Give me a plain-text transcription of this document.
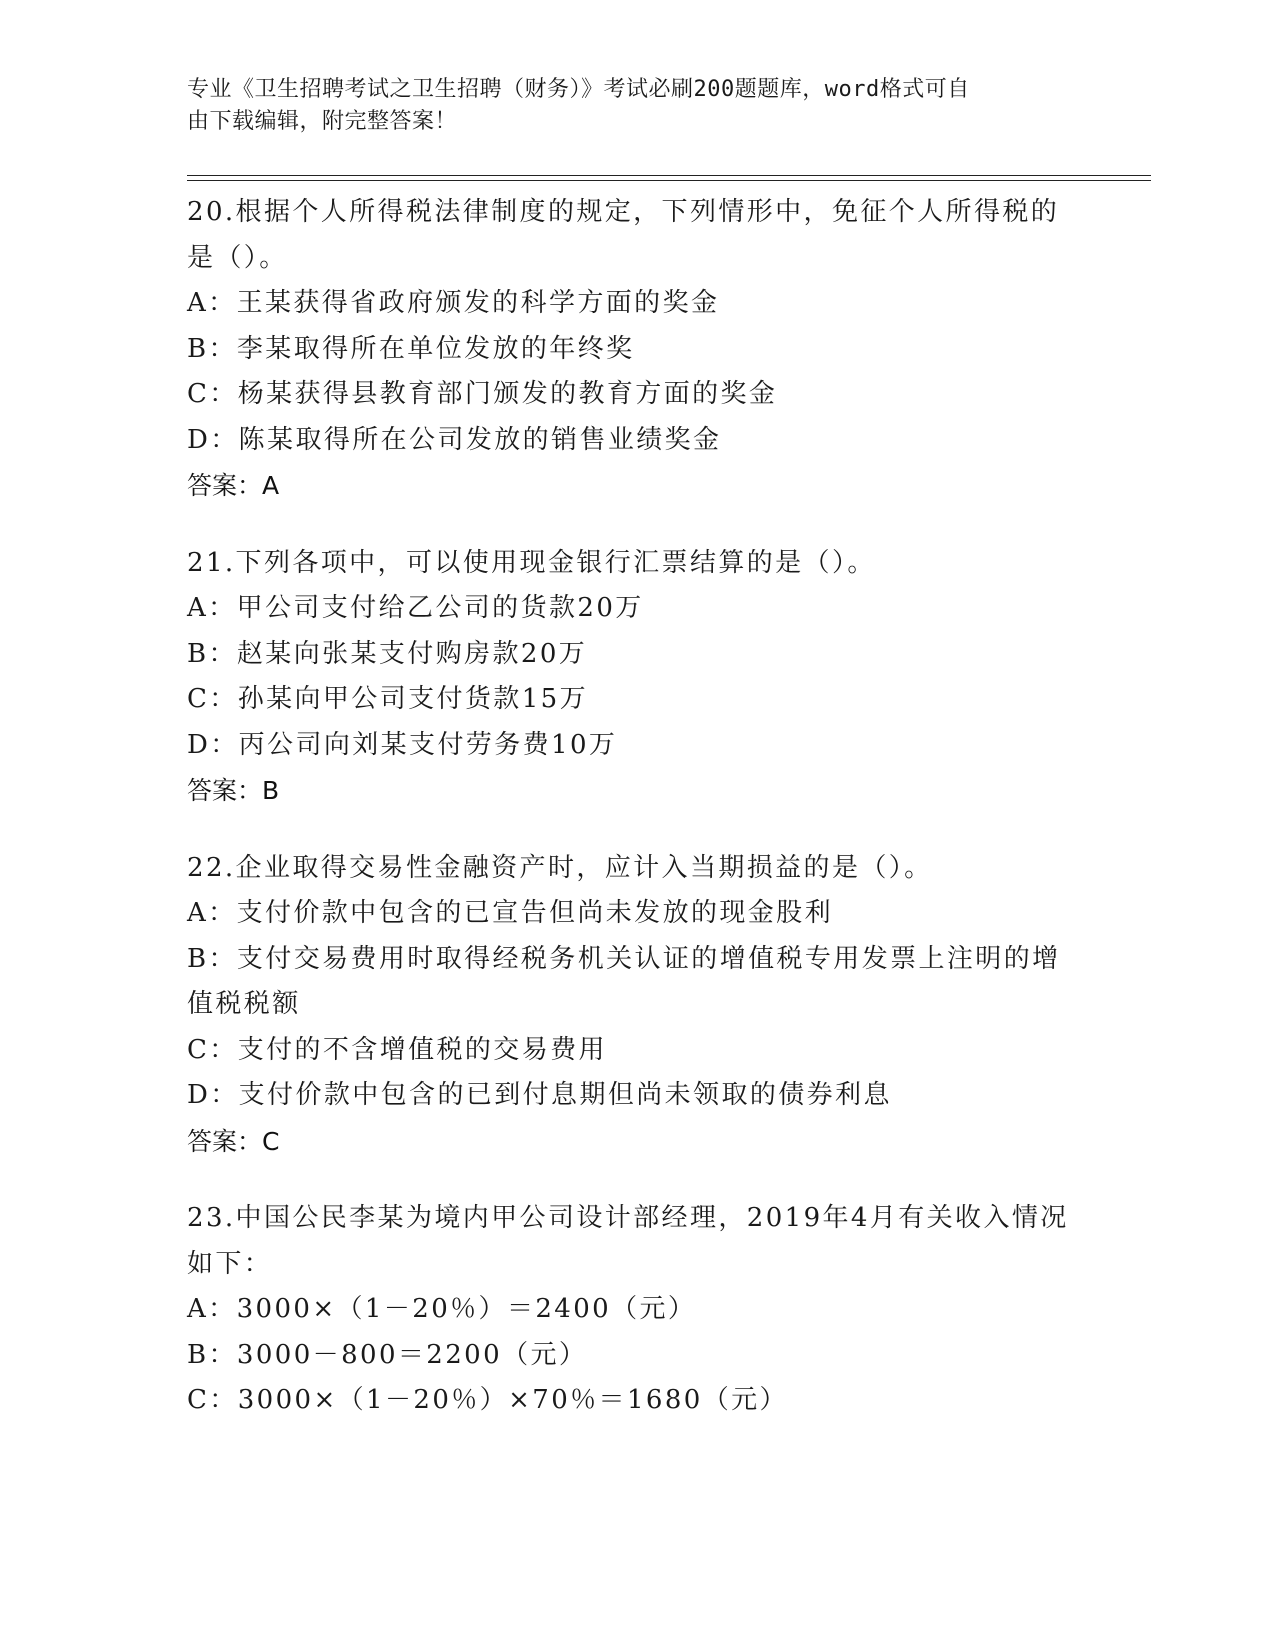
专业《卫生招聘考试之卫生招聘（财务）》考试必刷200题题库，word格式可自
由下载编辑，附完整答案！
20.根据个人所得税法律制度的规定，下列情形中，免征个人所得税的
是（）。
A：王某获得省政府颁发的科学方面的奖金
B：李某取得所在单位发放的年终奖
C：杨某获得县教育部门颁发的教育方面的奖金
D：陈某取得所在公司发放的销售业绩奖金
答案：A
21.下列各项中，可以使用现金银行汇票结算的是（）。
A：甲公司支付给乙公司的货款20万
B：赵某向张某支付购房款20万
C：孙某向甲公司支付货款15万
D：丙公司向刘某支付劳务费10万
答案：B
22.企业取得交易性金融资产时，应计入当期损益的是（）。
A：支付价款中包含的已宣告但尚未发放的现金股利
B：支付交易费用时取得经税务机关认证的增值税专用发票上注明的增
值税税额
C：支付的不含增值税的交易费用
D：支付价款中包含的已到付息期但尚未领取的债券利息
答案：C
23.中国公民李某为境内甲公司设计部经理，2019年4月有关收入情况
如下：
A：3000×（1－20％）＝2400（元）
B：3000－800＝2200（元）
C：3000×（1－20％）×70％＝1680（元）
